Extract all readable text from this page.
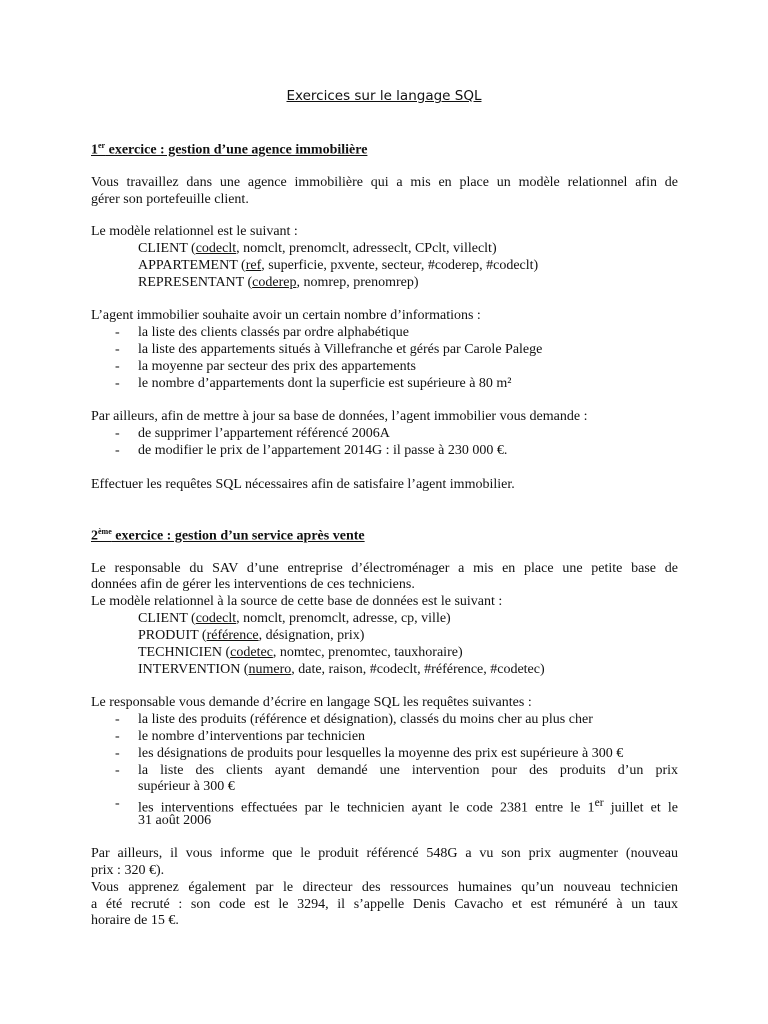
Exercices sur le langage SQL
1er exercice : gestion d’une agence immobilière
Vous travaillez dans une agence immobilière qui a mis en place un modèle relationnel afin de
gérer son portefeuille client.
Le modèle relationnel est le suivant :
CLIENT (codeclt, nomclt, prenomclt, adresseclt, CPclt, villeclt)
APPARTEMENT (ref, superficie, pxvente, secteur, #coderep, #codeclt)
REPRESENTANT (coderep, nomrep, prenomrep)
L’agent immobilier souhaite avoir un certain nombre d’informations :
- la liste des clients classés par ordre alphabétique
- la liste des appartements situés à Villefranche et gérés par Carole Palege
- la moyenne par secteur des prix des appartements
- le nombre d’appartements dont la superficie est supérieure à 80 m²
Par ailleurs, afin de mettre à jour sa base de données, l’agent immobilier vous demande :
- de supprimer l’appartement référencé 2006A
- de modifier le prix de l’appartement 2014G : il passe à 230 000 €.
Effectuer les requêtes SQL nécessaires afin de satisfaire l’agent immobilier.
2ème exercice : gestion d’un service après vente
Le responsable du SAV d’une entreprise d’électroménager a mis en place une petite base de
données afin de gérer les interventions de ces techniciens.
Le modèle relationnel à la source de cette base de données est le suivant :
CLIENT (codeclt, nomclt, prenomclt, adresse, cp, ville)
PRODUIT (référence, désignation, prix)
TECHNICIEN (codetec, nomtec, prenomtec, tauxhoraire)
INTERVENTION (numero, date, raison, #codeclt, #référence, #codetec)
Le responsable vous demande d’écrire en langage SQL les requêtes suivantes :
- la liste des produits (référence et désignation), classés du moins cher au plus cher
- le nombre d’interventions par technicien
- les désignations de produits pour lesquelles la moyenne des prix est supérieure à 300 €
- la liste des clients ayant demandé une intervention pour des produits d’un prix
supérieur à 300 €
- les interventions effectuées par le technicien ayant le code 2381 entre le 1er juillet et le
31 août 2006
Par ailleurs, il vous informe que le produit référencé 548G a vu son prix augmenter (nouveau
prix : 320 €).
Vous apprenez également par le directeur des ressources humaines qu’un nouveau technicien
a été recruté : son code est le 3294, il s’appelle Denis Cavacho et est rémunéré à un taux
horaire de 15 €.
